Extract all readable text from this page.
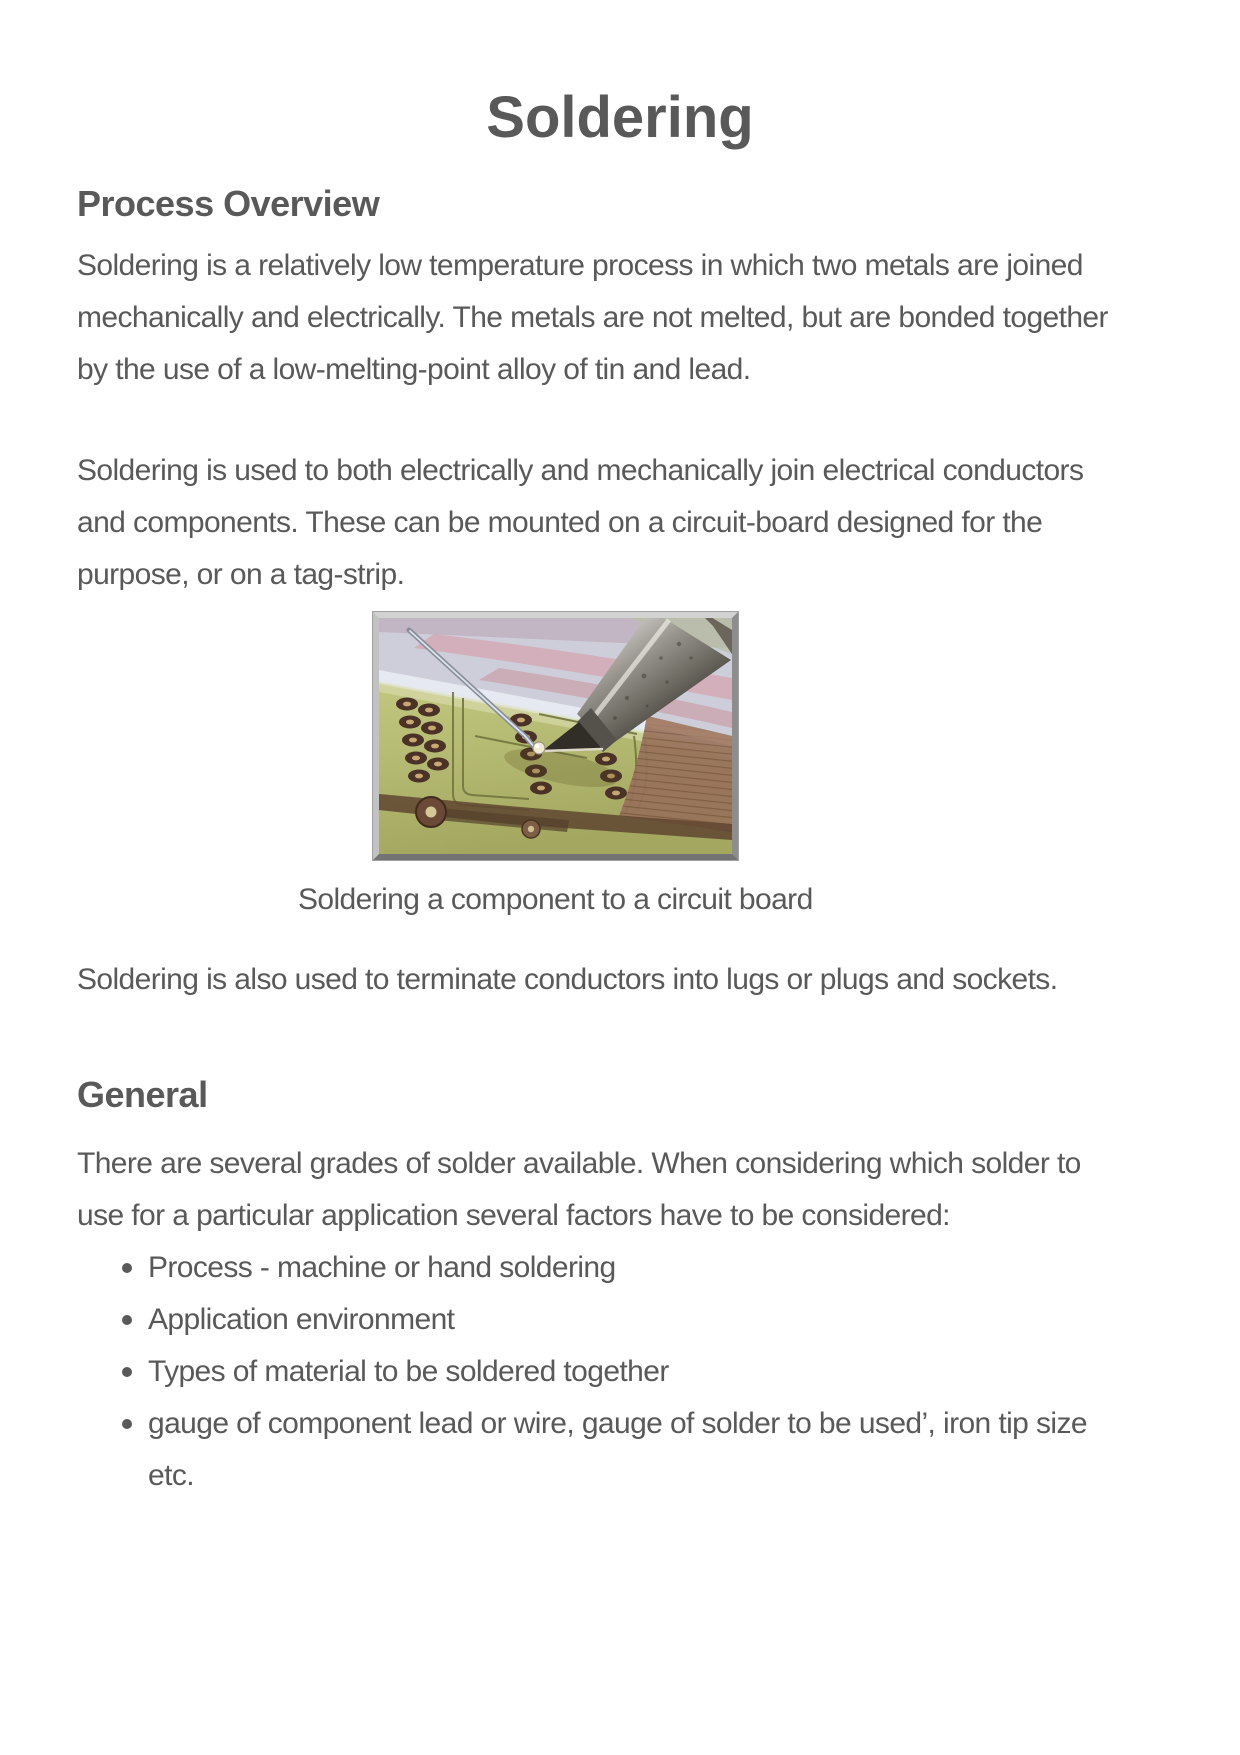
Soldering
Process Overview

Soldering is a relatively low temperature process in which two metals are joined
mechanically and electrically. The metals are not melted, but are bonded together
by the use of a low-melting-point alloy of tin and lead.

Soldering is used to both electrically and mechanically join electrical conductors
and components. These can be mounted on a circuit-board designed for the
purpose, or on a tag-strip.

Soldering a component to a circuit board

Soldering is also used to terminate conductors into lugs or plugs and sockets.

General

There are several grades of solder available. When considering which solder to
use for a particular application several factors have to be considered:

Process - machine or hand soldering
Application environment
Types of material to be soldered together
gauge of component lead or wire, gauge of solder to be used’, iron tip size
etc.
